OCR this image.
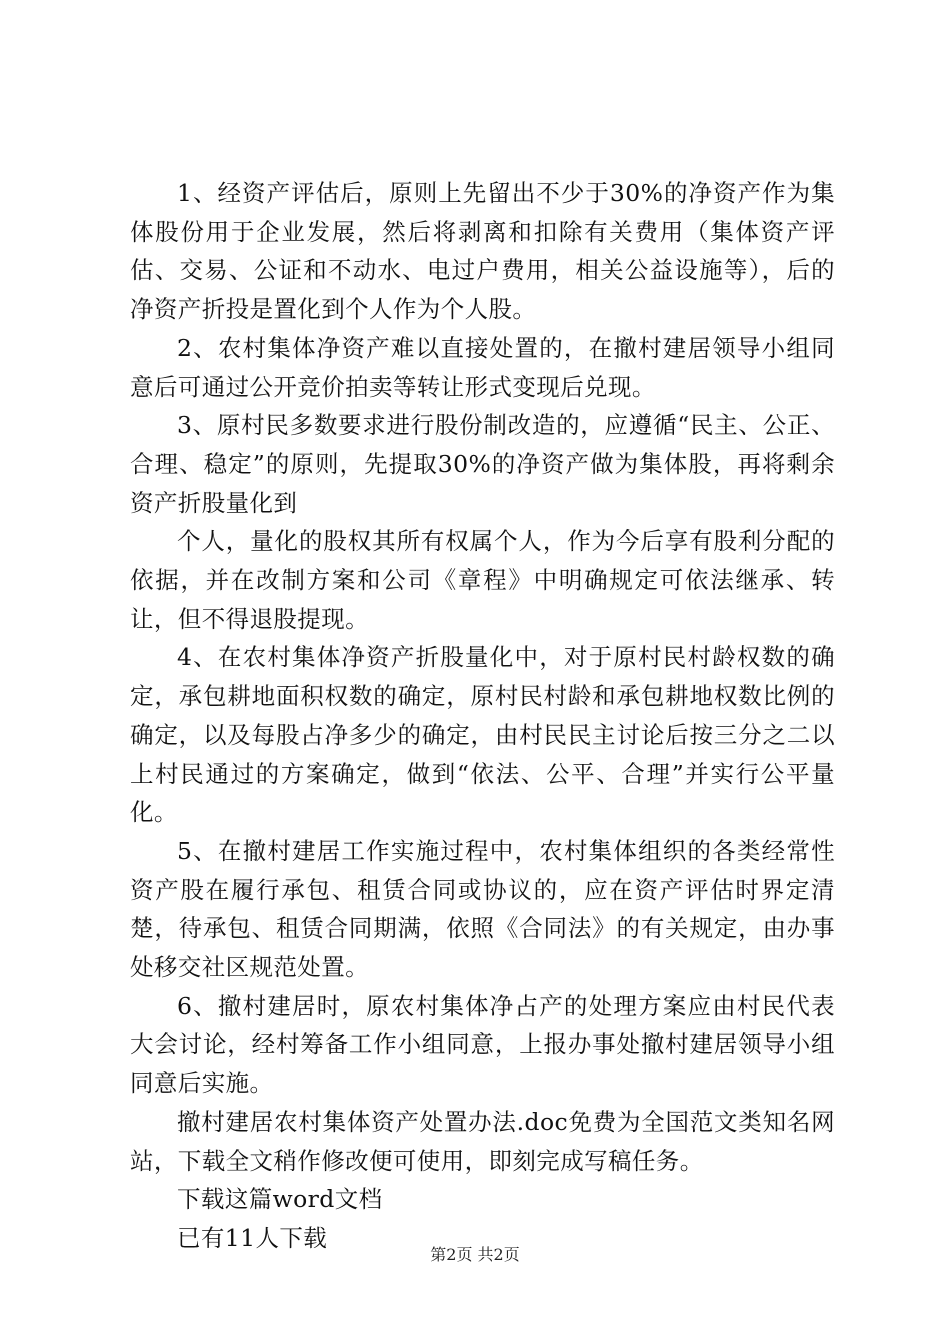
1、经资产评估后，原则上先留出不少于30%的净资产作为集体股份用于企业发展，然后将剥离和扣除有关费用（集体资产评估、交易、公证和不动水、电过户费用，相关公益设施等），后的净资产折投是置化到个人作为个人股。

2、农村集体净资产难以直接处置的，在撤村建居领导小组同意后可通过公开竞价拍卖等转让形式变现后兑现。

3、原村民多数要求进行股份制改造的，应遵循“民主、公正、合理、稳定”的原则，先提取30%的净资产做为集体股，再将剩余资产折股量化到

个人，量化的股权其所有权属个人，作为今后享有股利分配的依据，并在改制方案和公司《章程》中明确规定可依法继承、转让，但不得退股提现。

4、在农村集体净资产折股量化中，对于原村民村龄权数的确定，承包耕地面积权数的确定，原村民村龄和承包耕地权数比例的确定，以及每股占净多少的确定，由村民民主讨论后按三分之二以上村民通过的方案确定，做到“依法、公平、合理”并实行公平量化。

5、在撤村建居工作实施过程中，农村集体组织的各类经常性资产股在履行承包、租赁合同或协议的，应在资产评估时界定清楚，待承包、租赁合同期满，依照《合同法》的有关规定，由办事处移交社区规范处置。

6、撤村建居时，原农村集体净占产的处理方案应由村民代表大会讨论，经村筹备工作小组同意，上报办事处撤村建居领导小组同意后实施。

撤村建居农村集体资产处置办法.doc免费为全国范文类知名网站，下载全文稍作修改便可使用，即刻完成写稿任务。

下载这篇word文档

已有11人下载

第2页 共2页
